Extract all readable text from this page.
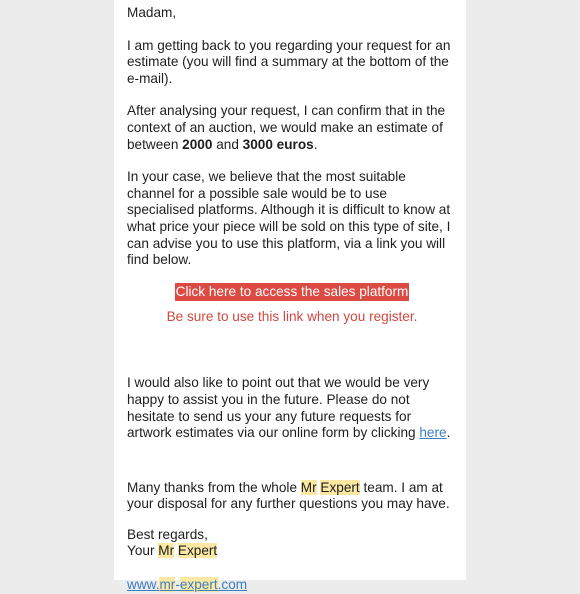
Madam,

I am getting back to you regarding your request for an estimate (you will find a summary at the bottom of the e-mail).

After analysing your request, I can confirm that in the context of an auction, we would make an estimate of between 2000 and 3000 euros.

In your case, we believe that the most suitable channel for a possible sale would be to use specialised platforms. Although it is difficult to know at what price your piece will be sold on this type of site, I can advise you to use this platform, via a link you will find below.

Click here to access the sales platform

Be sure to use this link when you register.

I would also like to point out that we would be very happy to assist you in the future. Please do not hesitate to send us your any future requests for artwork estimates via our online form by clicking here.

Many thanks from the whole Mr Expert team. I am at your disposal for any further questions you may have.

Best regards,
Your Mr Expert

www.mr-expert.com
